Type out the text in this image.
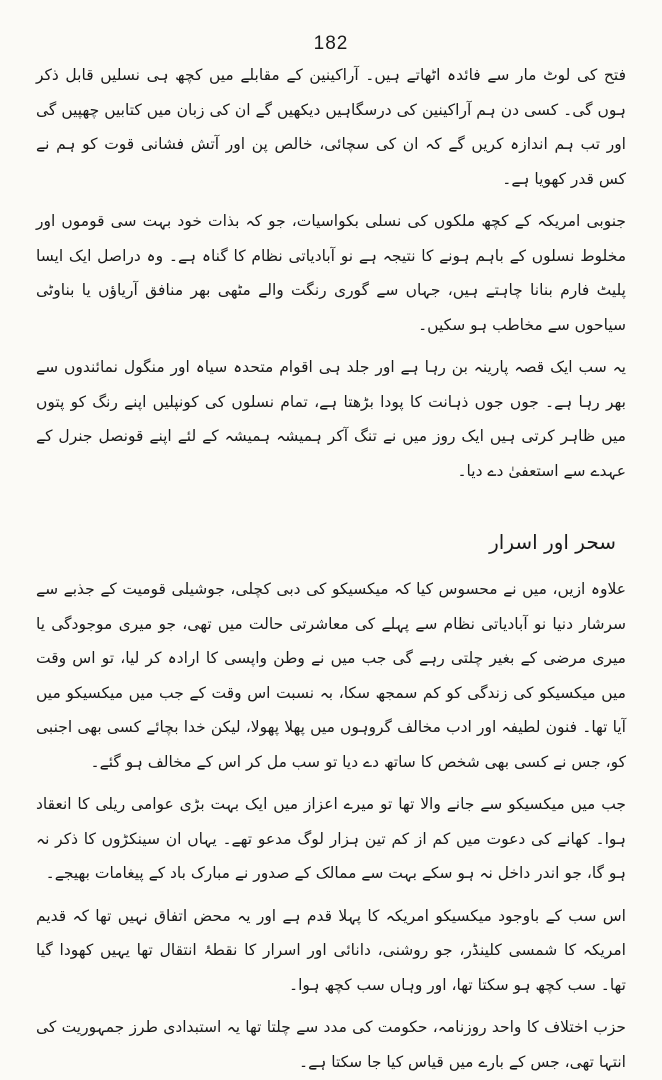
182

فتح کی لوٹ مار سے فائدہ اٹھاتے ہیں۔ آراکینین کے مقابلے میں کچھ ہی نسلیں قابل ذکر ہوں گی۔ کسی دن ہم آراکینین کی درسگاہیں دیکھیں گے ان کی زبان میں کتابیں چھپیں گی اور تب ہم اندازہ کریں گے کہ ان کی سچائی، خالص پن اور آتش فشانی قوت کو ہم نے کس قدر کھویا ہے۔

جنوبی امریکہ کے کچھ ملکوں کی نسلی بکواسیات، جو کہ بذات خود بہت سی قوموں اور مخلوط نسلوں کے باہم ہونے کا نتیجہ ہے نو آبادیاتی نظام کا گناہ ہے۔ وہ دراصل ایک ایسا پلیٹ فارم بنانا چاہتے ہیں، جہاں سے گوری رنگت والے مٹھی بھر منافق آریاؤں یا بناوٹی سیاحوں سے مخاطب ہو سکیں۔

یہ سب ایک قصہ پارینہ بن رہا ہے اور جلد ہی اقوام متحدہ سیاہ اور منگول نمائندوں سے بھر رہا ہے۔ جوں جوں ذہانت کا پودا بڑھتا ہے، تمام نسلوں کی کونپلیں اپنے رنگ کو پتوں میں ظاہر کرتی ہیں ایک روز میں نے تنگ آکر ہمیشہ ہمیشہ کے لئے اپنے قونصل جنرل کے عہدے سے استعفیٰ دے دیا۔

سحر اور اسرار

علاوہ ازیں، میں نے محسوس کیا کہ میکسیکو کی دبی کچلی، جوشیلی قومیت کے جذبے سے سرشار دنیا نو آبادیاتی نظام سے پہلے کی معاشرتی حالت میں تھی، جو میری موجودگی یا میری مرضی کے بغیر چلتی رہے گی جب میں نے وطن واپسی کا ارادہ کر لیا، تو اس وقت میں میکسیکو کی زندگی کو کم سمجھ سکا، بہ نسبت اس وقت کے جب میں میکسیکو میں آیا تھا۔ فنون لطیفہ اور ادب مخالف گروہوں میں پھلا پھولا، لیکن خدا بچائے کسی بھی اجنبی کو، جس نے کسی بھی شخص کا ساتھ دے دیا تو سب مل کر اس کے مخالف ہو گئے۔

جب میں میکسیکو سے جانے والا تھا تو میرے اعزاز میں ایک بہت بڑی عوامی ریلی کا انعقاد ہوا۔ کھانے کی دعوت میں کم از کم تین ہزار لوگ مدعو تھے۔ یہاں ان سینکڑوں کا ذکر نہ ہو گا، جو اندر داخل نہ ہو سکے بہت سے ممالک کے صدور نے مبارک باد کے پیغامات بھیجے۔

اس سب کے باوجود میکسیکو امریکہ کا پہلا قدم ہے اور یہ محض اتفاق نہیں تھا کہ قدیم امریکہ کا شمسی کلینڈر، جو روشنی، دانائی اور اسرار کا نقطۂ انتقال تھا یہیں کھودا گیا تھا۔ سب کچھ ہو سکتا تھا، اور وہاں سب کچھ ہوا۔

حزب اختلاف کا واحد روزنامہ، حکومت کی مدد سے چلتا تھا یہ استبدادی طرز جمہوریت کی انتہا تھی، جس کے بارے میں قیاس کیا جا سکتا ہے۔
